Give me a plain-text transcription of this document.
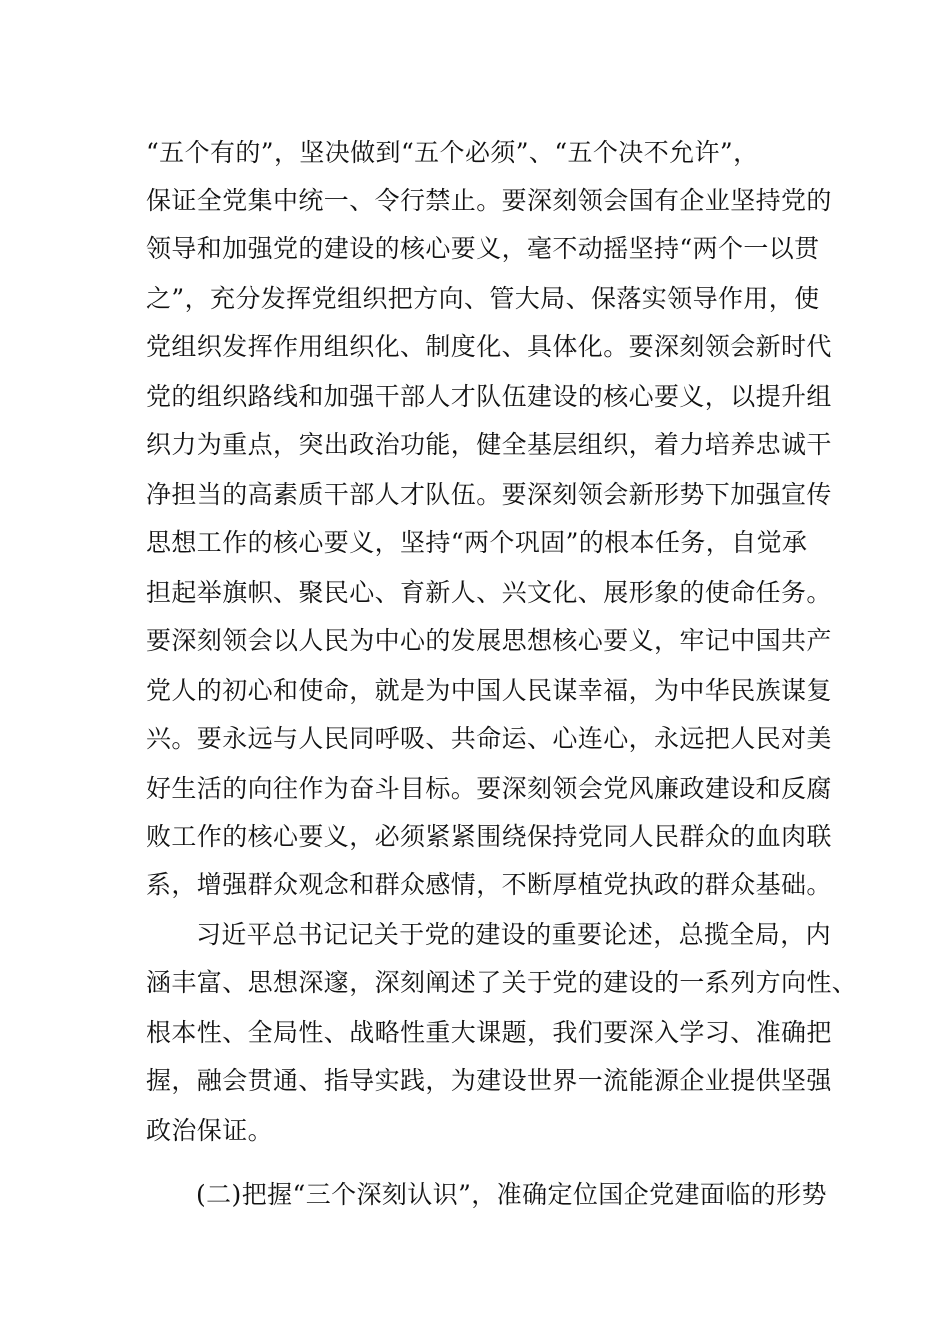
“五个有的”，坚决做到“五个必须”、“五个决不允许”，
保证全党集中统一、令行禁止。要深刻领会国有企业坚持党的
领导和加强党的建设的核心要义，毫不动摇坚持“两个一以贯
之”，充分发挥党组织把方向、管大局、保落实领导作用，使
党组织发挥作用组织化、制度化、具体化。要深刻领会新时代
党的组织路线和加强干部人才队伍建设的核心要义，以提升组
织力为重点，突出政治功能，健全基层组织，着力培养忠诚干
净担当的高素质干部人才队伍。要深刻领会新形势下加强宣传
思想工作的核心要义，坚持“两个巩固”的根本任务，自觉承
担起举旗帜、聚民心、育新人、兴文化、展形象的使命任务。
要深刻领会以人民为中心的发展思想核心要义，牢记中国共产
党人的初心和使命，就是为中国人民谋幸福，为中华民族谋复
兴。要永远与人民同呼吸、共命运、心连心，永远把人民对美
好生活的向往作为奋斗目标。要深刻领会党风廉政建设和反腐
败工作的核心要义，必须紧紧围绕保持党同人民群众的血肉联
系，增强群众观念和群众感情，不断厚植党执政的群众基础。
习近平总书记记关于党的建设的重要论述，总揽全局，内
涵丰富、思想深邃，深刻阐述了关于党的建设的一系列方向性、
根本性、全局性、战略性重大课题，我们要深入学习、准确把
握，融会贯通、指导实践，为建设世界一流能源企业提供坚强
政治保证。
(二)把握“三个深刻认识”，准确定位国企党建面临的形势
